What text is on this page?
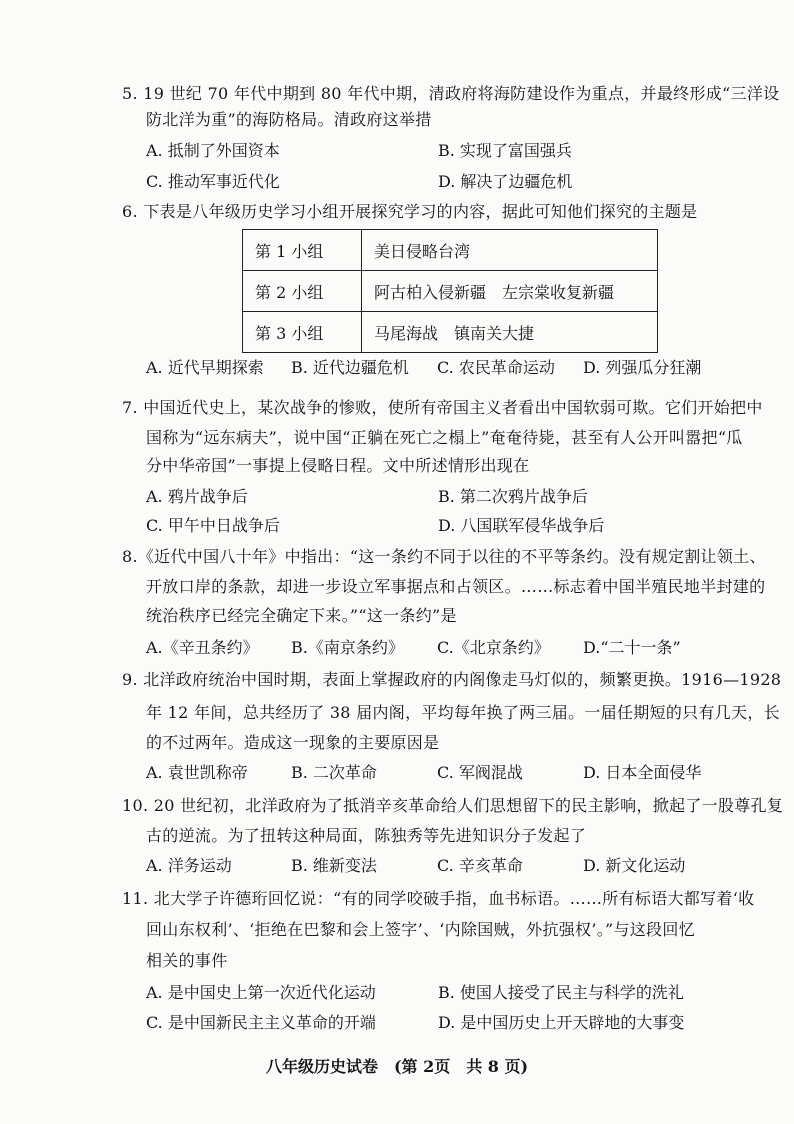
5. 19 世纪 70 年代中期到 80 年代中期，清政府将海防建设作为重点，并最终形成“三洋设
防北洋为重”的海防格局。清政府这举措
A. 抵制了外国资本	B. 实现了富国强兵
C. 推动军事近代化	D. 解决了边疆危机
6. 下表是八年级历史学习小组开展探究学习的内容，据此可知他们探究的主题是
第 1 小组	美日侵略台湾
第 2 小组	阿古柏入侵新疆　左宗棠收复新疆
第 3 小组	马尾海战　镇南关大捷
A. 近代早期探索 B. 近代边疆危机 C. 农民革命运动 D. 列强瓜分狂潮
7. 中国近代史上，某次战争的惨败，使所有帝国主义者看出中国软弱可欺。它们开始把中
国称为“远东病夫”，说中国“正躺在死亡之榻上”奄奄待毙，甚至有人公开叫嚣把“瓜
分中华帝国”一事提上侵略日程。文中所述情形出现在
A. 鸦片战争后	B. 第二次鸦片战争后
C. 甲午中日战争后	D. 八国联军侵华战争后
8.《近代中国八十年》中指出：“这一条约不同于以往的不平等条约。没有规定割让领土、
开放口岸的条款，却进一步设立军事据点和占领区。……标志着中国半殖民地半封建的
统治秩序已经完全确定下来。”“这一条约”是
A.《辛丑条约》 B.《南京条约》 C.《北京条约》 D.“二十一条”
9. 北洋政府统治中国时期，表面上掌握政府的内阁像走马灯似的，频繁更换。1916—1928
年 12 年间，总共经历了 38 届内阁，平均每年换了两三届。一届任期短的只有几天，长
的不过两年。造成这一现象的主要原因是
A. 袁世凯称帝	B. 二次革命	C. 军阀混战	D. 日本全面侵华
10. 20 世纪初，北洋政府为了抵消辛亥革命给人们思想留下的民主影响，掀起了一股尊孔复
古的逆流。为了扭转这种局面，陈独秀等先进知识分子发起了
A. 洋务运动	B. 维新变法	C. 辛亥革命	D. 新文化运动
11. 北大学子许德珩回忆说：“有的同学咬破手指，血书标语。……所有标语大都写着‘收
回山东权利’、‘拒绝在巴黎和会上签字’、‘内除国贼，外抗强权’。”与这段回忆
相关的事件
A. 是中国史上第一次近代化运动	B. 使国人接受了民主与科学的洗礼
C. 是中国新民主主义革命的开端	D. 是中国历史上开天辟地的大事变
八年级历史试卷　(第 2页　共 8 页)
